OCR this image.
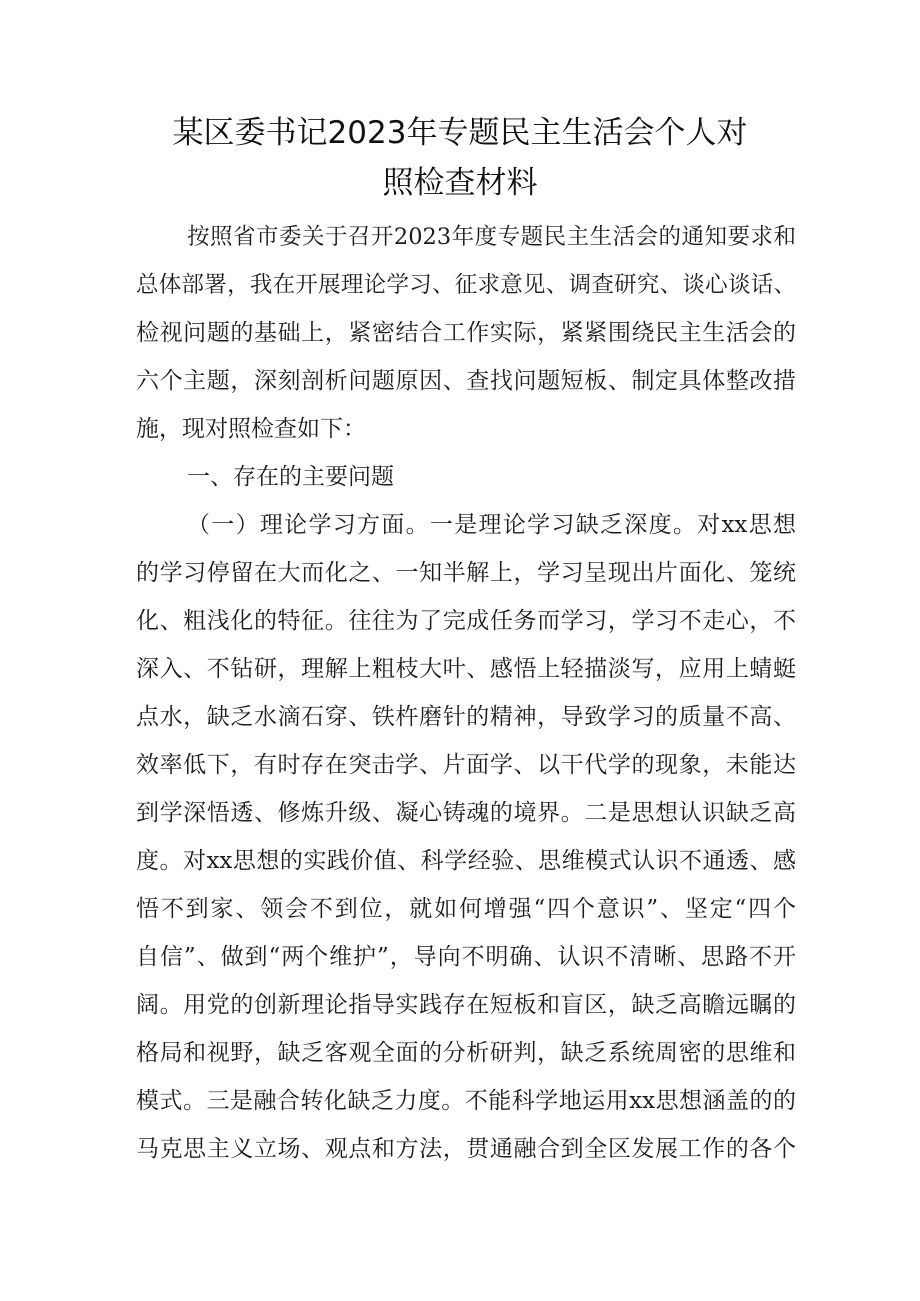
某区委书记2023年专题民主生活会个人对
照检查材料
按照省市委关于召开2023年度专题民主生活会的通知要求和
总体部署，我在开展理论学习、征求意见、调查研究、谈心谈话、
检视问题的基础上，紧密结合工作实际，紧紧围绕民主生活会的
六个主题，深刻剖析问题原因、查找问题短板、制定具体整改措
施，现对照检查如下：
一、存在的主要问题
（一）理论学习方面。一是理论学习缺乏深度。对xx思想
的学习停留在大而化之、一知半解上，学习呈现出片面化、笼统
化、粗浅化的特征。往往为了完成任务而学习，学习不走心，不
深入、不钻研，理解上粗枝大叶、感悟上轻描淡写，应用上蜻蜓
点水，缺乏水滴石穿、铁杵磨针的精神，导致学习的质量不高、
效率低下，有时存在突击学、片面学、以干代学的现象，未能达
到学深悟透、修炼升级、凝心铸魂的境界。二是思想认识缺乏高
度。对xx思想的实践价值、科学经验、思维模式认识不通透、感
悟不到家、领会不到位，就如何增强“四个意识”、坚定“四个
自信”、做到“两个维护”，导向不明确、认识不清晰、思路不开
阔。用党的创新理论指导实践存在短板和盲区，缺乏高瞻远瞩的
格局和视野，缺乏客观全面的分析研判，缺乏系统周密的思维和
模式。三是融合转化缺乏力度。不能科学地运用xx思想涵盖的的
马克思主义立场、观点和方法，贯通融合到全区发展工作的各个
